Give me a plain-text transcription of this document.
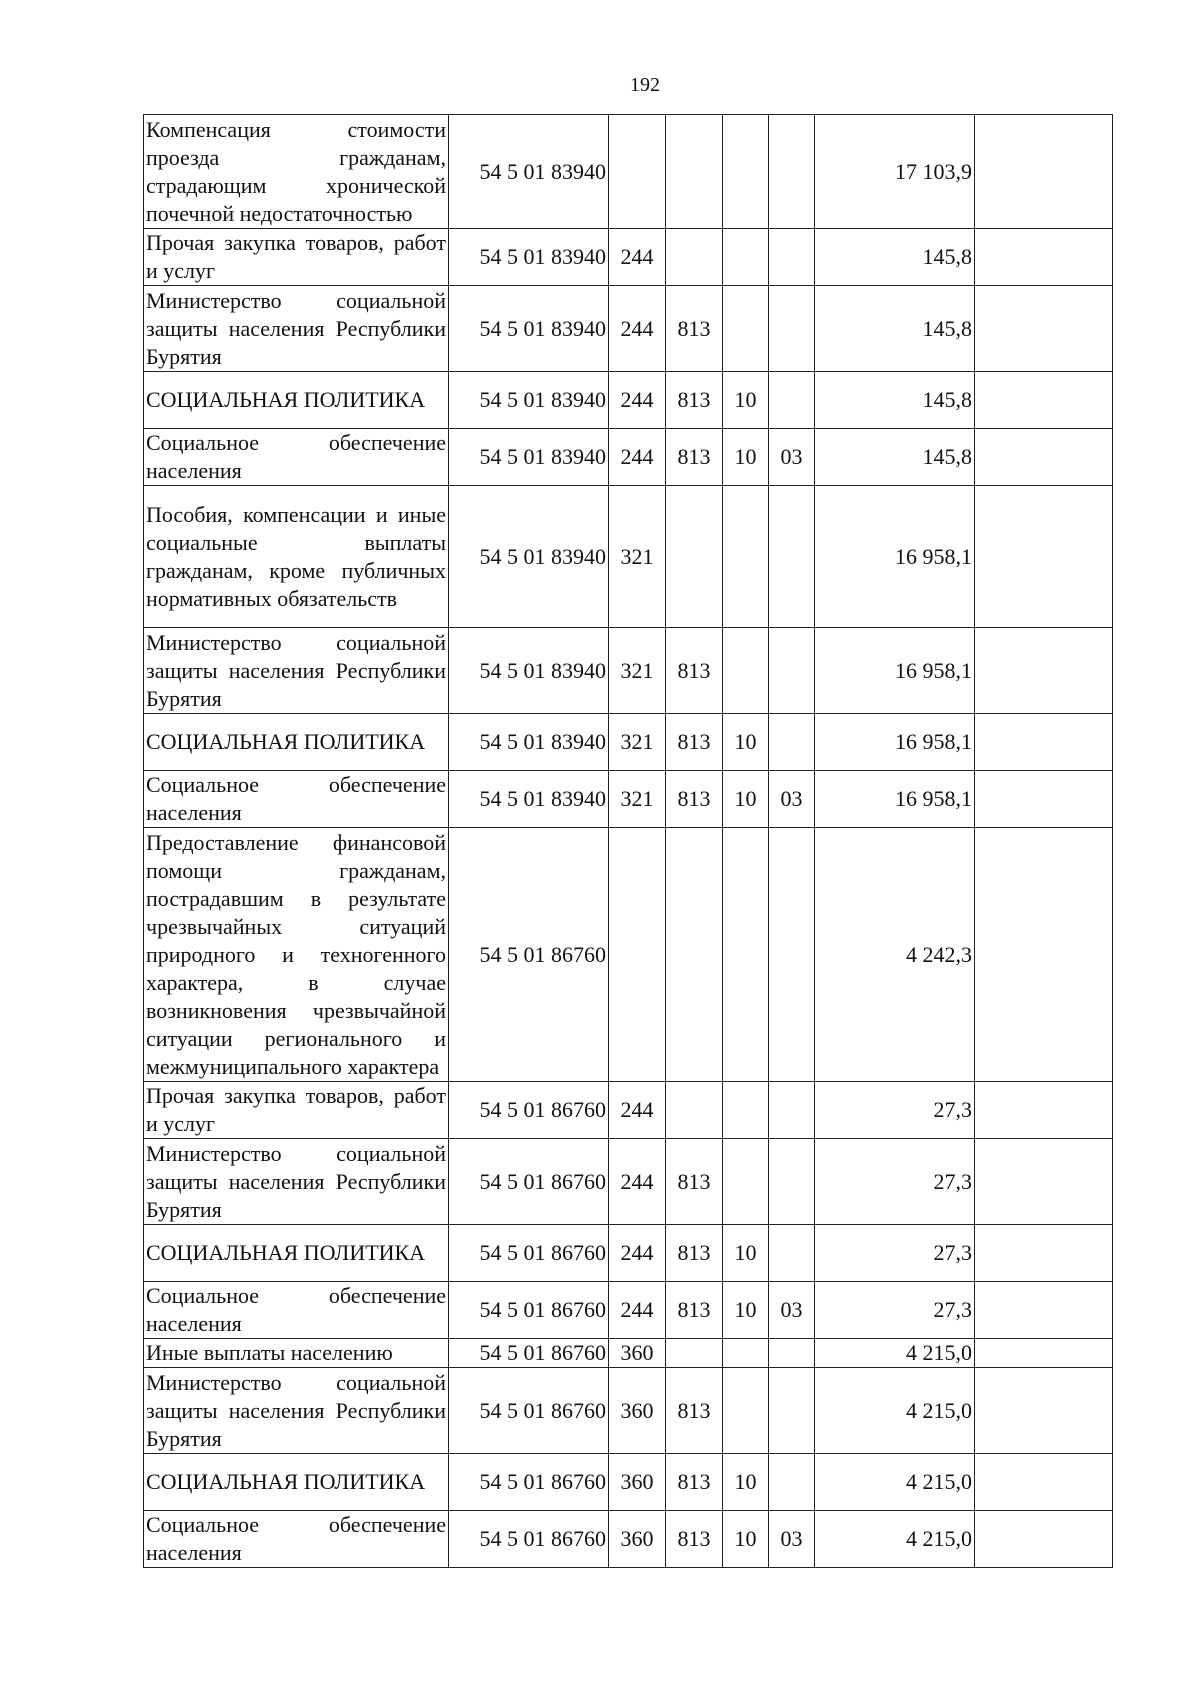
192
Компенсация стоимости проезда гражданам, страдающим хронической почечной недостаточностью	54 5 01 83940					17 103,9	
Прочая закупка товаров, работ и услуг	54 5 01 83940	244				145,8	
Министерство социальной защиты населения Республики Бурятия	54 5 01 83940	244	813			145,8	
СОЦИАЛЬНАЯ ПОЛИТИКА	54 5 01 83940	244	813	10		145,8	
Социальное обеспечение населения	54 5 01 83940	244	813	10	03	145,8	
Пособия, компенсации и иные социальные выплаты гражданам, кроме публичных нормативных обязательств	54 5 01 83940	321				16 958,1	
Министерство социальной защиты населения Республики Бурятия	54 5 01 83940	321	813			16 958,1	
СОЦИАЛЬНАЯ ПОЛИТИКА	54 5 01 83940	321	813	10		16 958,1	
Социальное обеспечение населения	54 5 01 83940	321	813	10	03	16 958,1	
Предоставление финансовой помощи гражданам, пострадавшим в результате чрезвычайных ситуаций природного и техногенного характера, в случае возникновения чрезвычайной ситуации регионального и межмуниципального характера	54 5 01 86760					4 242,3	
Прочая закупка товаров, работ и услуг	54 5 01 86760	244				27,3	
Министерство социальной защиты населения Республики Бурятия	54 5 01 86760	244	813			27,3	
СОЦИАЛЬНАЯ ПОЛИТИКА	54 5 01 86760	244	813	10		27,3	
Социальное обеспечение населения	54 5 01 86760	244	813	10	03	27,3	
Иные выплаты населению	54 5 01 86760	360				4 215,0	
Министерство социальной защиты населения Республики Бурятия	54 5 01 86760	360	813			4 215,0	
СОЦИАЛЬНАЯ ПОЛИТИКА	54 5 01 86760	360	813	10		4 215,0	
Социальное обеспечение населения	54 5 01 86760	360	813	10	03	4 215,0	
